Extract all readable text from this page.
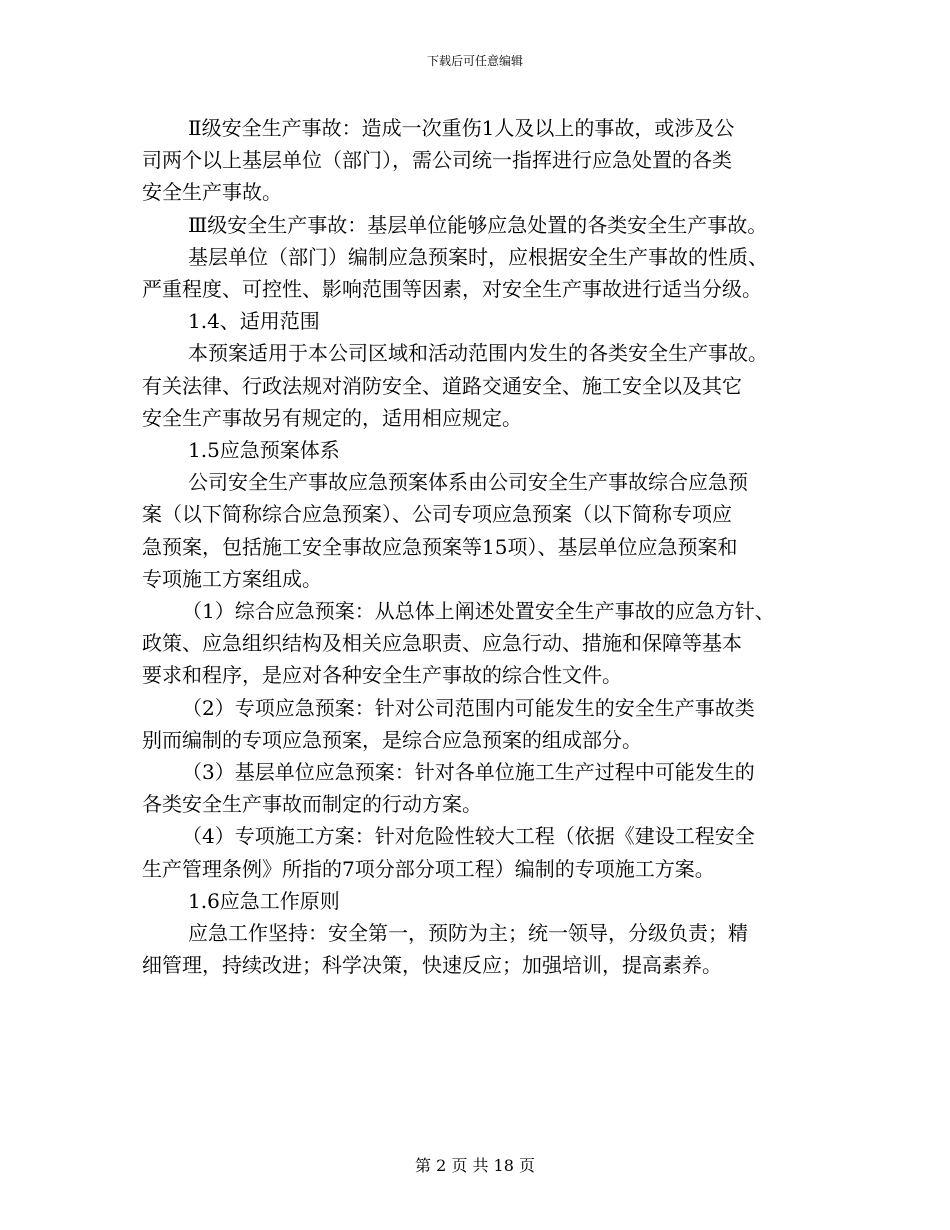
下载后可任意编辑
Ⅱ级安全生产事故：造成一次重伤1人及以上的事故，或涉及公
司两个以上基层单位（部门），需公司统一指挥进行应急处置的各类
安全生产事故。
Ⅲ级安全生产事故：基层单位能够应急处置的各类安全生产事故。
基层单位（部门）编制应急预案时，应根据安全生产事故的性质、
严重程度、可控性、影响范围等因素，对安全生产事故进行适当分级。
1.4、适用范围
本预案适用于本公司区域和活动范围内发生的各类安全生产事故。
有关法律、行政法规对消防安全、道路交通安全、施工安全以及其它
安全生产事故另有规定的，适用相应规定。
1.5应急预案体系
公司安全生产事故应急预案体系由公司安全生产事故综合应急预
案（以下简称综合应急预案）、公司专项应急预案（以下简称专项应
急预案，包括施工安全事故应急预案等15项）、基层单位应急预案和
专项施工方案组成。
（1）综合应急预案：从总体上阐述处置安全生产事故的应急方针、
政策、应急组织结构及相关应急职责、应急行动、措施和保障等基本
要求和程序，是应对各种安全生产事故的综合性文件。
（2）专项应急预案：针对公司范围内可能发生的安全生产事故类
别而编制的专项应急预案，是综合应急预案的组成部分。
（3）基层单位应急预案：针对各单位施工生产过程中可能发生的
各类安全生产事故而制定的行动方案。
（4）专项施工方案：针对危险性较大工程（依据《建设工程安全
生产管理条例》所指的7项分部分项工程）编制的专项施工方案。
1.6应急工作原则
应急工作坚持：安全第一，预防为主；统一领导，分级负责；精
细管理，持续改进；科学决策，快速反应；加强培训，提高素养。
第 2 页 共 18 页
